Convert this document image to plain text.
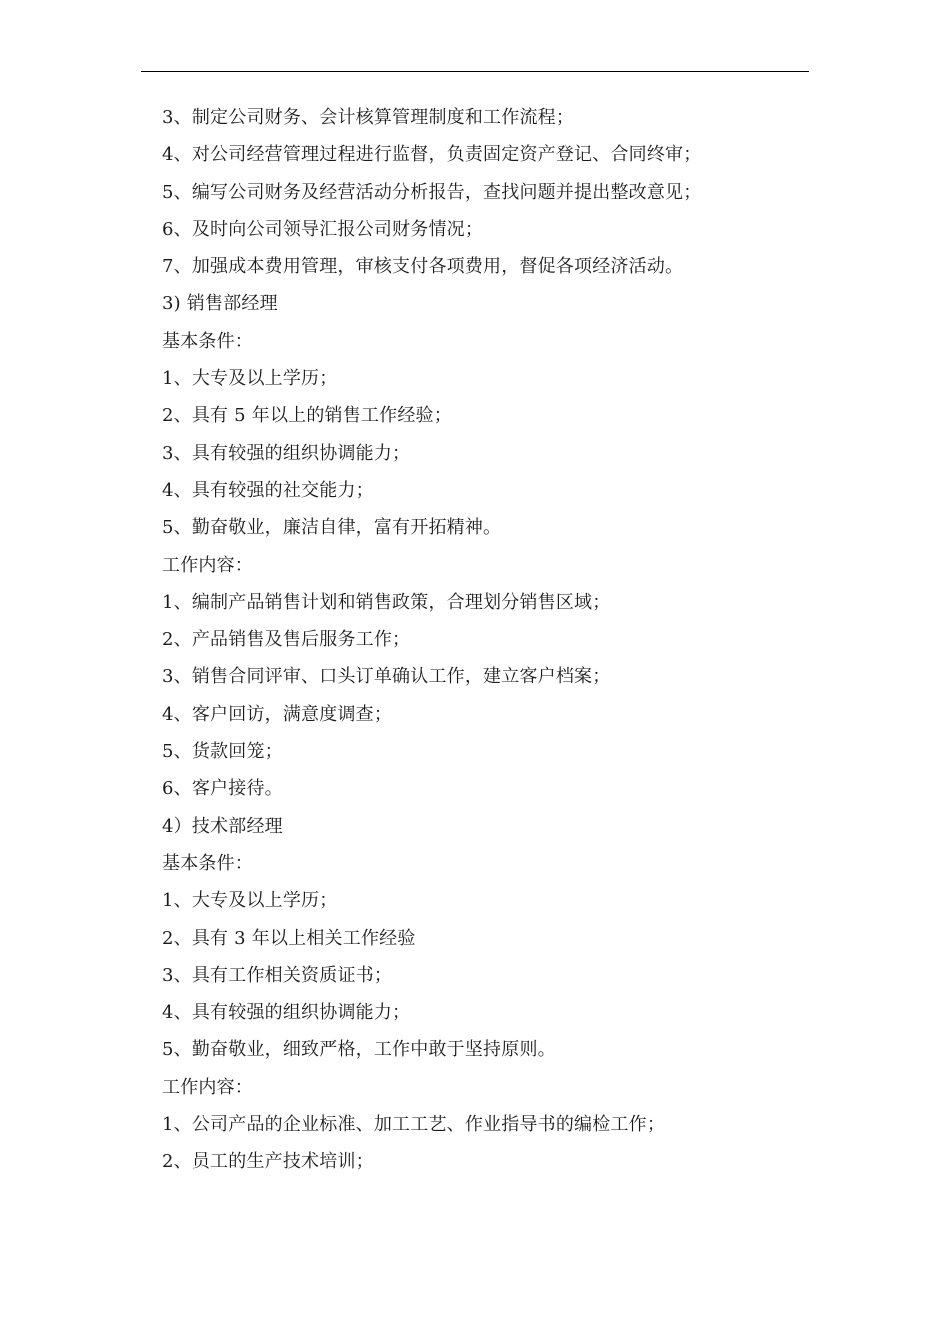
3、制定公司财务、会计核算管理制度和工作流程；
4、对公司经营管理过程进行监督，负责固定资产登记、合同终审；
5、编写公司财务及经营活动分析报告，查找问题并提出整改意见；
6、及时向公司领导汇报公司财务情况；
7、加强成本费用管理，审核支付各项费用，督促各项经济活动。
3) 销售部经理
基本条件：
1、大专及以上学历；
2、具有 5 年以上的销售工作经验；
3、具有较强的组织协调能力；
4、具有较强的社交能力；
5、勤奋敬业，廉洁自律，富有开拓精神。
工作内容：
1、编制产品销售计划和销售政策，合理划分销售区域；
2、产品销售及售后服务工作；
3、销售合同评审、口头订单确认工作，建立客户档案；
4、客户回访，满意度调查；
5、货款回笼；
6、客户接待。
4）技术部经理
基本条件：
1、大专及以上学历；
2、具有 3 年以上相关工作经验
3、具有工作相关资质证书；
4、具有较强的组织协调能力；
5、勤奋敬业，细致严格，工作中敢于坚持原则。
工作内容：
1、公司产品的企业标准、加工工艺、作业指导书的编检工作；
2、员工的生产技术培训；
